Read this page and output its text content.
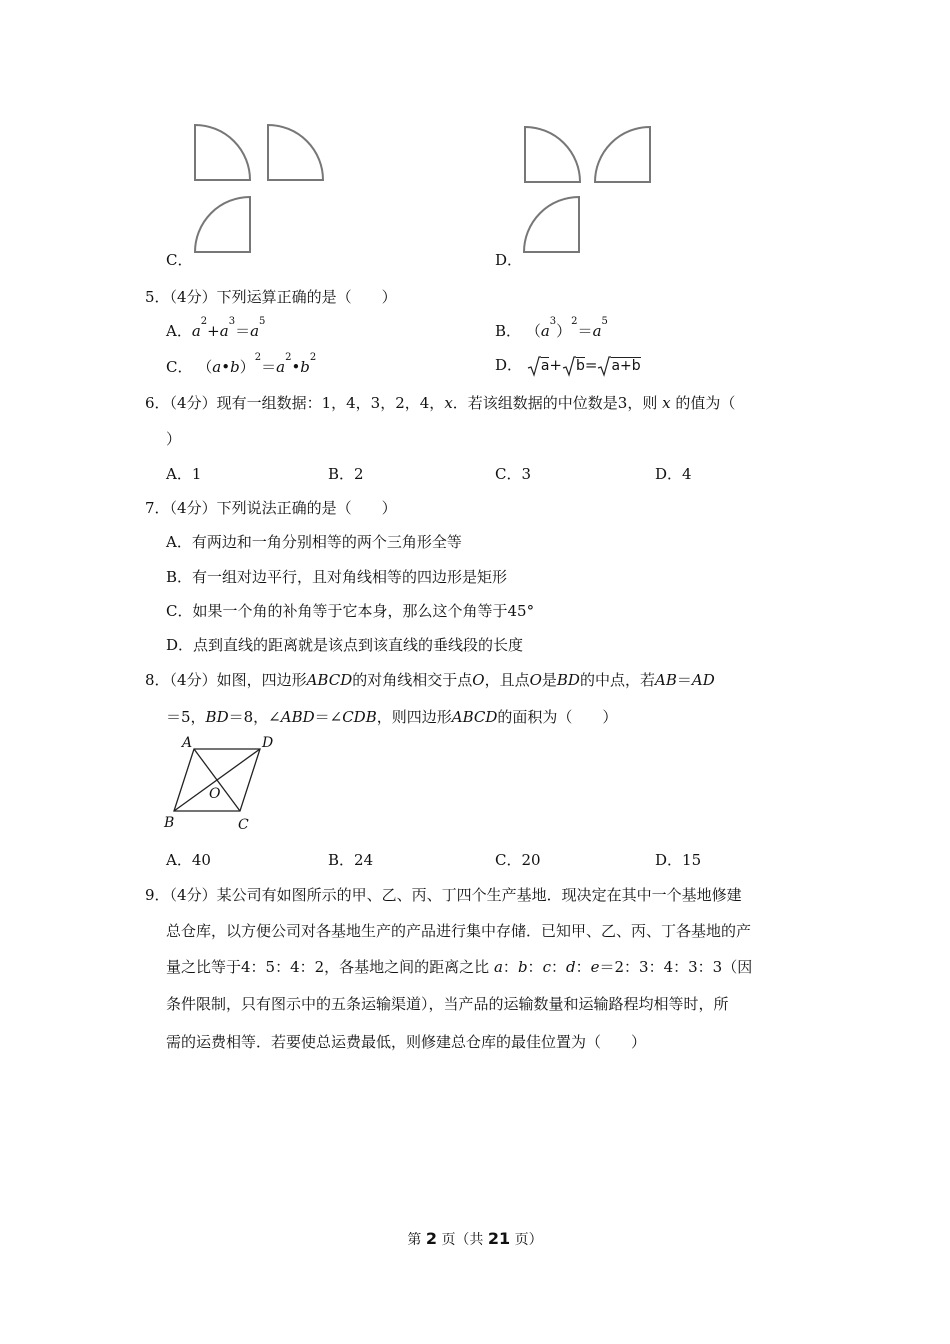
C．	D．
5．（4分）下列运算正确的是（　　）
A．$a^2+a^3=a^5$
B． $(a^3)^2=a^5$
C． $(a•b)^2=a^2•b^2$	D． a+ b= a+b
6．（4分）现有一组数据：1，4，3，2，4，x．若该组数据的中位数是3，则 x 的值为（
）
A．1	B．2	C．3	D．4
7．（4分）下列说法正确的是（　　）
A．有两边和一角分别相等的两个三角形全等
B．有一组对边平行，且对角线相等的四边形是矩形
C．如果一个角的补角等于它本身，那么这个角等于45°
D．点到直线的距离就是该点到该直线的垂线段的长度
8．（4分）如图，四边形ABCD的对角线相交于点O，且点O是BD的中点，若AB＝AD
＝5，BD＝8，∠ABD＝∠CDB，则四边形ABCD的面积为（　　）
A	D
B	C
O
A．40	B．24	C．20	D．15
9．（4分）某公司有如图所示的甲、乙、丙、丁四个生产基地．现决定在其中一个基地修建
总仓库，以方便公司对各基地生产的产品进行集中存储．已知甲、乙、丙、丁各基地的产
量之比等于4：5：4：2，各基地之间的距离之比 a：b：c：d：e＝2：3：4：3：3（因
条件限制，只有图示中的五条运输渠道），当产品的运输数量和运输路程均相等时，所
需的运费相等．若要使总运费最低，则修建总仓库的最佳位置为（　　）
第 2 页（共 21 页）
